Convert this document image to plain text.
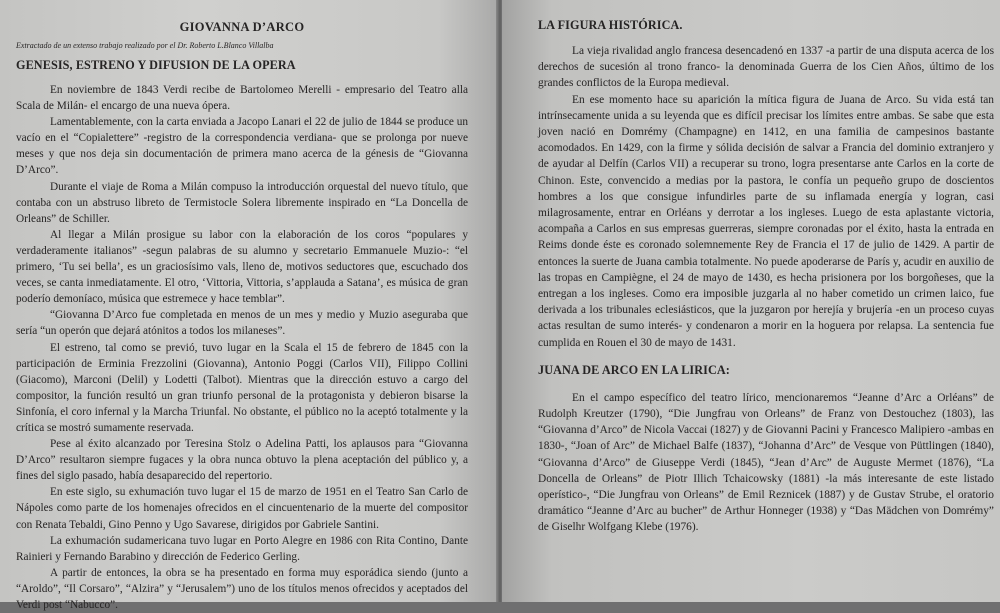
GIOVANNA D’ARCO
Extractado de un extenso trabajo realizado por el Dr. Roberto L.Blanco Villalba
GENESIS, ESTRENO Y DIFUSION DE LA OPERA

En noviembre de 1843 Verdi recibe de Bartolomeo Merelli - empresario del Teatro alla Scala de Milán- el encargo de una nueva ópera.

Lamentablemente, con la carta enviada a Jacopo Lanari el 22 de julio de 1844 se produce un vacío en el “Copialettere” -registro de la correspondencia verdiana- que se prolonga por nueve meses y que nos deja sin documentación de primera mano acerca de la génesis de “Giovanna D’Arco”.

Durante el viaje de Roma a Milán compuso la introducción orquestal del nuevo título, que contaba con un abstruso libreto de Termistocle Solera libremente inspirado en “La Doncella de Orleans” de Schiller.

Al llegar a Milán prosigue su labor con la elaboración de los coros “populares y verdaderamente italianos” -segun palabras de su alumno y secretario Emmanuele Muzio-: “el primero, ‘Tu sei bella’, es un graciosísimo vals, lleno de, motivos seductores que, escuchado dos veces, se canta inmediatamente. El otro, ‘Vittoria, Vittoria, s’applauda a Satana’, es música de gran poderío demoníaco, música que estremece y hace temblar”.

“Giovanna D’Arco fue completada en menos de un mes y medio y Muzio aseguraba que sería “un operón que dejará atónitos a todos los milaneses”.

El estreno, tal como se previó, tuvo lugar en la Scala el 15 de febrero de 1845 con la participación de Erminia Frezzolini (Giovanna), Antonio Poggi (Carlos VII), Filippo Collini (Giacomo), Marconi (Delil) y Lodetti (Talbot). Mientras que la dirección estuvo a cargo del compositor, la función resultó un gran triunfo personal de la protagonista y debieron bisarse la Sinfonía, el coro infernal y la Marcha Triunfal. No obstante, el público no la aceptó totalmente y la crítica se mostró sumamente reservada.

Pese al éxito alcanzado por Teresina Stolz o Adelina Patti, los aplausos para “Giovanna D’Arco” resultaron siempre fugaces y la obra nunca obtuvo la plena aceptación del público y, a fines del siglo pasado, había desaparecido del repertorio.

En este siglo, su exhumación tuvo lugar el 15 de marzo de 1951 en el Teatro San Carlo de Nápoles como parte de los homenajes ofrecidos en el cincuentenario de la muerte del compositor con Renata Tebaldi, Gino Penno y Ugo Savarese, dirigidos por Gabriele Santini.

La exhumación sudamericana tuvo lugar en Porto Alegre en 1986 con Rita Contino, Dante Rainieri y Fernando Barabino y dirección de Federico Gerling.

A partir de entonces, la obra se ha presentado en forma muy esporádica siendo (junto a “Aroldo”, “Il Corsaro”, “Alzira” y “Jerusalem”) uno de los títulos menos ofrecidos y aceptados del Verdi post “Nabucco”.

LA FIGURA HISTÓRICA.

La vieja rivalidad anglo francesa desencadenó en 1337 -a partir de una disputa acerca de los derechos de sucesión al trono franco- la denominada Guerra de los Cien Años, último de los grandes conflictos de la Europa medieval.

En ese momento hace su aparición la mítica figura de Juana de Arco. Su vida está tan intrínsecamente unida a su leyenda que es difícil precisar los límites entre ambas. Se sabe que esta joven nació en Domrémy (Champagne) en 1412, en una familia de campesinos bastante acomodados. En 1429, con la firme y sólida decisión de salvar a Francia del dominio extranjero y de ayudar al Delfín (Carlos VII) a recuperar su trono, logra presentarse ante Carlos en la corte de Chinon. Este, convencido a medias por la pastora, le confía un pequeño grupo de doscientos hombres a los que consigue infundirles parte de su inflamada energía y logran, casi milagrosamente, entrar en Orléans y derrotar a los ingleses. Luego de esta aplastante victoria, acompaña a Carlos en sus empresas guerreras, siempre coronadas por el éxito, hasta la entrada en Reims donde éste es coronado solemnemente Rey de Francia el 17 de julio de 1429. A partir de entonces la suerte de Juana cambia totalmente. No puede apoderarse de París y, acudir en auxilio de las tropas en Campiègne, el 24 de mayo de 1430, es hecha prisionera por los borgoñeses, que la entregan a los ingleses. Como era imposible juzgarla al no haber cometido un crimen laico, fue derivada a los tribunales eclesiásticos, que la juzgaron por herejía y brujería -en un proceso cuyas actas resultan de sumo interés- y condenaron a morir en la hoguera por relapsa. La sentencia fue cumplida en Rouen el 30 de mayo de 1431.

JUANA DE ARCO EN LA LIRICA:

En el campo específico del teatro lírico, mencionaremos “Jeanne d’Arc a Orléans” de Rudolph Kreutzer (1790), “Die Jungfrau von Orleans” de Franz von Destouchez (1803), las “Giovanna d’Arco” de Nicola Vaccai (1827) y de Giovanni Pacini y Francesco Malipiero -ambas en 1830-, “Joan of Arc” de Michael Balfe (1837), “Johanna d’Arc” de Vesque von Püttlingen (1840), “Giovanna d’Arco” de Giuseppe Verdi (1845), “Jean d’Arc” de Auguste Mermet (1876), “La Doncella de Orleans” de Piotr Illich Tchaicowsky (1881) -la más interesante de este listado operístico-, “Die Jungfrau von Orleans” de Emil Reznicek (1887) y de Gustav Strube, el oratorio dramático “Jeanne d’Arc au bucher” de Arthur Honneger (1938) y “Das Mädchen von Domrémy” de Giselhr Wolfgang Klebe (1976).
